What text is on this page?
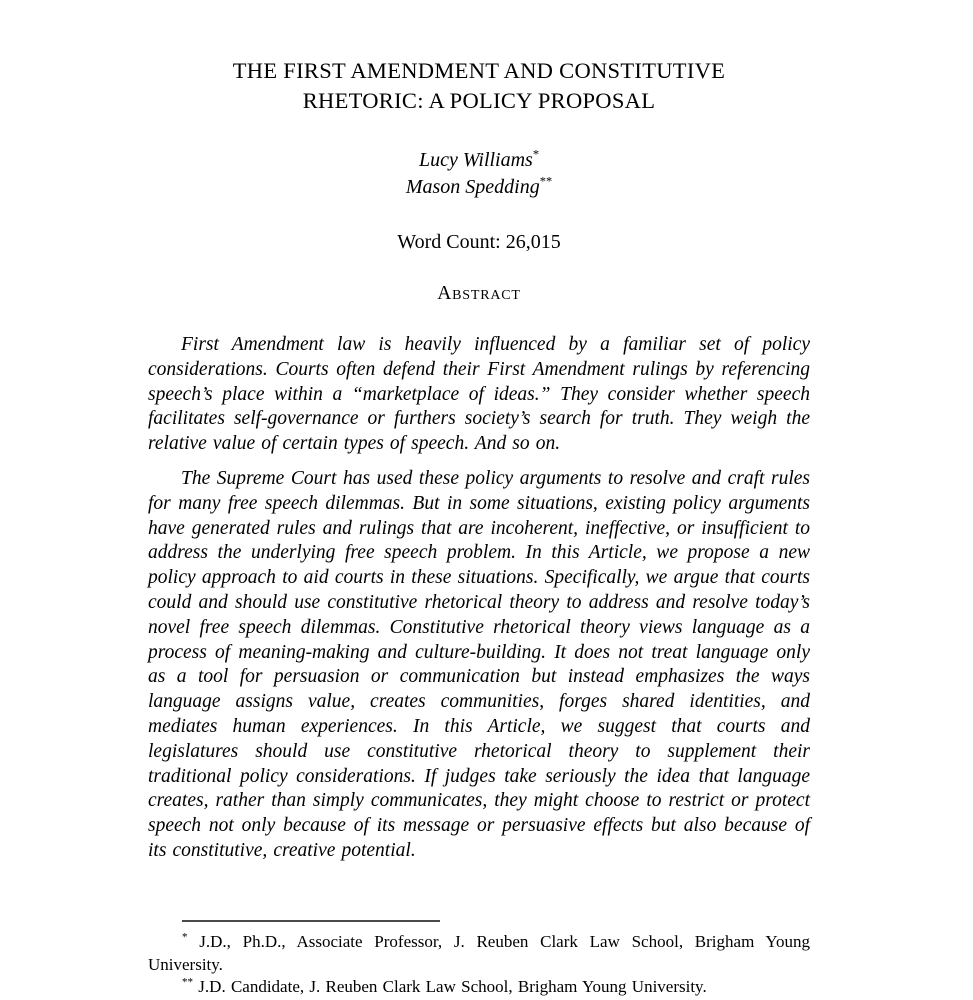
THE FIRST AMENDMENT AND CONSTITUTIVE
RHETORIC: A POLICY PROPOSAL
Lucy Williams*
Mason Spedding**
Word Count: 26,015
Abstract

First Amendment law is heavily influenced by a familiar set of policy considerations. Courts often defend their First Amendment rulings by referencing speech’s place within a “marketplace of ideas.” They consider whether speech facilitates self-governance or furthers society’s search for truth. They weigh the relative value of certain types of speech. And so on.

The Supreme Court has used these policy arguments to resolve and craft rules for many free speech dilemmas. But in some situations, existing policy arguments have generated rules and rulings that are incoherent, ineffective, or insufficient to address the underlying free speech problem. In this Article, we propose a new policy approach to aid courts in these situations. Specifically, we argue that courts could and should use constitutive rhetorical theory to address and resolve today’s novel free speech dilemmas. Constitutive rhetorical theory views language as a process of meaning-making and culture-building. It does not treat language only as a tool for persuasion or communication but instead emphasizes the ways language assigns value, creates communities, forges shared identities, and mediates human experiences. In this Article, we suggest that courts and legislatures should use constitutive rhetorical theory to supplement their traditional policy considerations. If judges take seriously the idea that language creates, rather than simply communicates, they might choose to restrict or protect speech not only because of its message or persuasive effects but also because of its constitutive, creative potential.

* J.D., Ph.D., Associate Professor, J. Reuben Clark Law School, Brigham Young University.

** J.D. Candidate, J. Reuben Clark Law School, Brigham Young University.
